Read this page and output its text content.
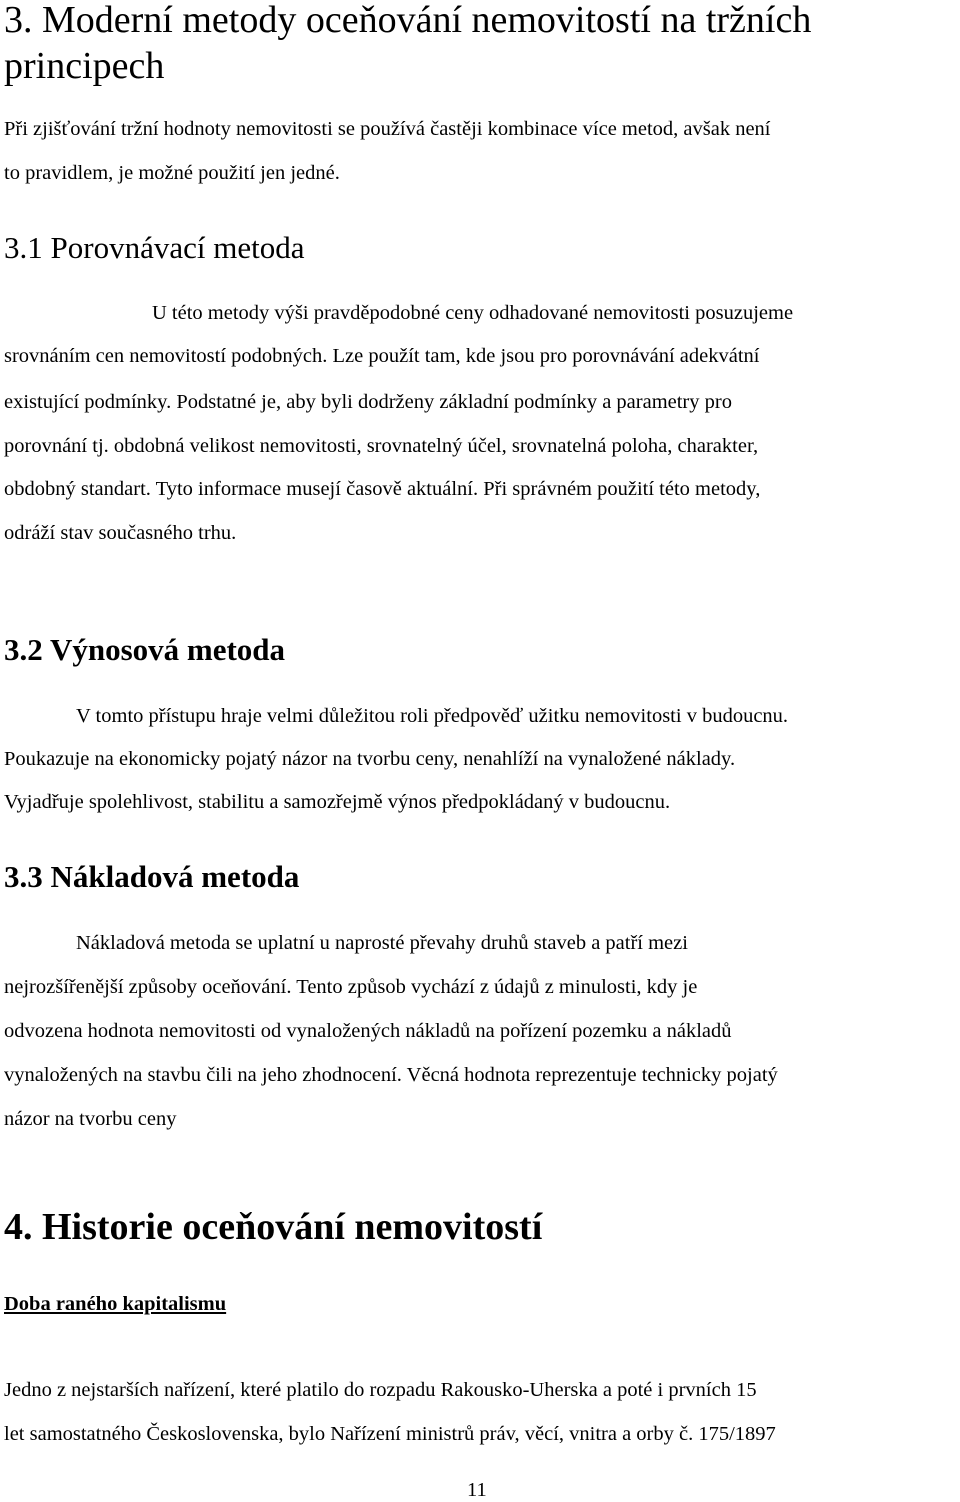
3. Moderní metody oceňování nemovitostí na tržních
principech
Při zjišťování tržní hodnoty nemovitosti se používá častěji kombinace více metod, avšak není
to pravidlem, je možné použití jen jedné.
3.1 Porovnávací metoda
U této metody výši pravděpodobné ceny odhadované nemovitosti posuzujeme
srovnáním cen nemovitostí podobných. Lze použít tam, kde jsou pro porovnávání adekvátní
existující podmínky. Podstatné je, aby byli dodrženy základní podmínky a parametry pro
porovnání tj. obdobná velikost nemovitosti, srovnatelný účel, srovnatelná poloha, charakter,
obdobný standart. Tyto informace musejí časově aktuální. Při správném použití této metody,
odráží stav současného trhu.
3.2 Výnosová metoda
V tomto přístupu hraje velmi důležitou roli předpověď užitku nemovitosti v budoucnu.
Poukazuje na ekonomicky pojatý názor na tvorbu ceny, nenahlíží na vynaložené náklady.
Vyjadřuje spolehlivost, stabilitu a samozřejmě výnos předpokládaný v budoucnu.
3.3 Nákladová metoda
Nákladová metoda se uplatní u naprosté převahy druhů staveb a patří mezi
nejrozšířenější způsoby oceňování. Tento způsob vychází z údajů z minulosti, kdy je
odvozena hodnota nemovitosti od vynaložených nákladů na pořízení pozemku a nákladů
vynaložených na stavbu čili na jeho zhodnocení. Věcná hodnota reprezentuje technicky pojatý
názor na tvorbu ceny
4. Historie oceňování nemovitostí
Doba raného kapitalismu
Jedno z nejstarších nařízení, které platilo do rozpadu Rakousko-Uherska a poté i prvních 15
let samostatného Československa, bylo Nařízení ministrů práv, věcí, vnitra a orby č. 175/1897
11
